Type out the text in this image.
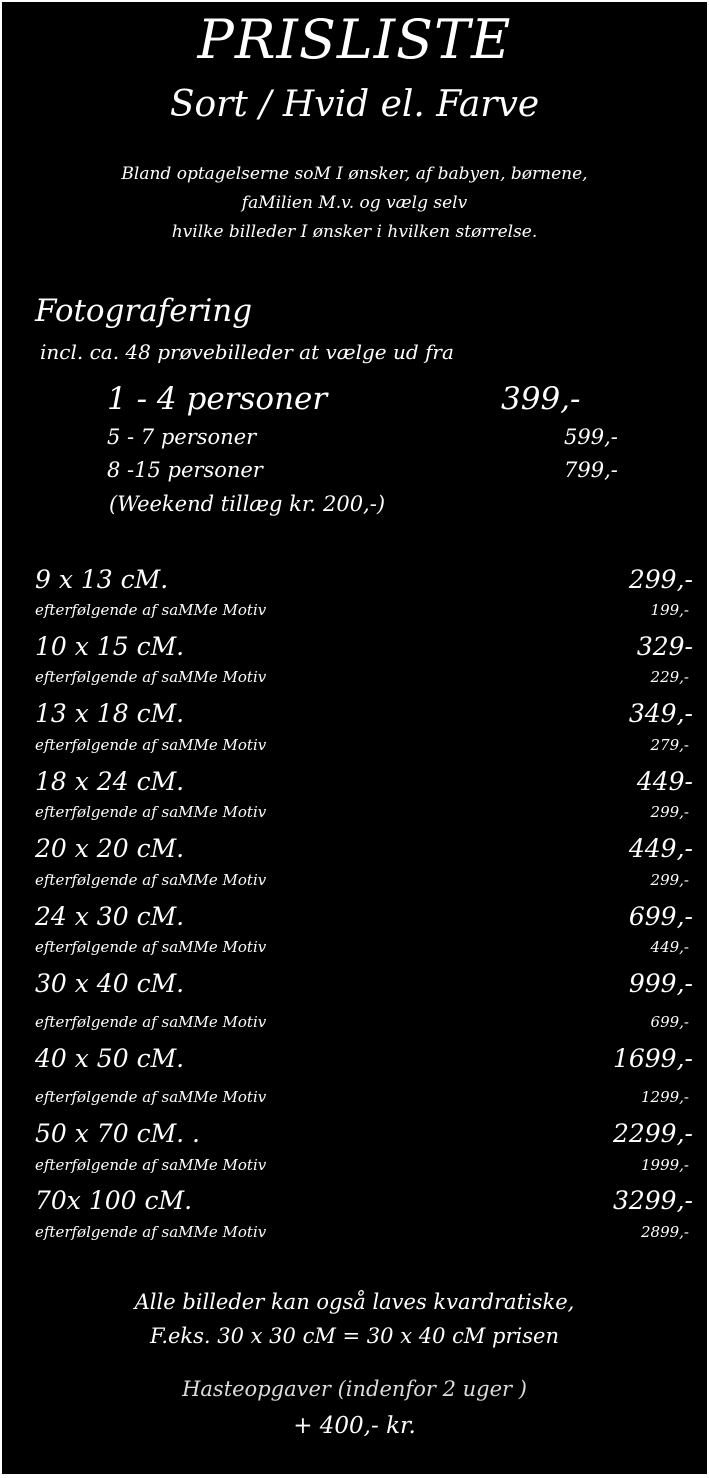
PRISLISTE
Sort / Hvid el. Farve
Bland optagelserne soM I ønsker, af babyen, børnene,
faMilien M.v. og vælg selv
hvilke billeder I ønsker i hvilken størrelse.
Fotografering
incl. ca. 48 prøvebilleder at vælge ud fra
1 - 4 personer	399,-
5 - 7 personer	599,-
8 -15 personer	799,-
(Weekend tillæg kr. 200,-)
9 x 13 cM.	299,-
efterfølgende af saMMe Motiv	199,-
10 x 15 cM.	329-
efterfølgende af saMMe Motiv	229,-
13 x 18 cM.	349,-
efterfølgende af saMMe Motiv	279,-
18 x 24 cM.	449-
efterfølgende af saMMe Motiv	299,-
20 x 20 cM.	449,-
efterfølgende af saMMe Motiv	299,-
24 x 30 cM.	699,-
efterfølgende af saMMe Motiv	449,-
30 x 40 cM.	999,-
efterfølgende af saMMe Motiv	699,-
40 x 50 cM.	1699,-
efterfølgende af saMMe Motiv	1299,-
50 x 70 cM. .	2299,-
efterfølgende af saMMe Motiv	1999,-
70x 100 cM.	3299,-
efterfølgende af saMMe Motiv	2899,-
Alle billeder kan også laves kvardratiske,
F.eks. 30 x 30 cM = 30 x 40 cM prisen
Hasteopgaver (indenfor 2 uger )
+ 400,- kr.
